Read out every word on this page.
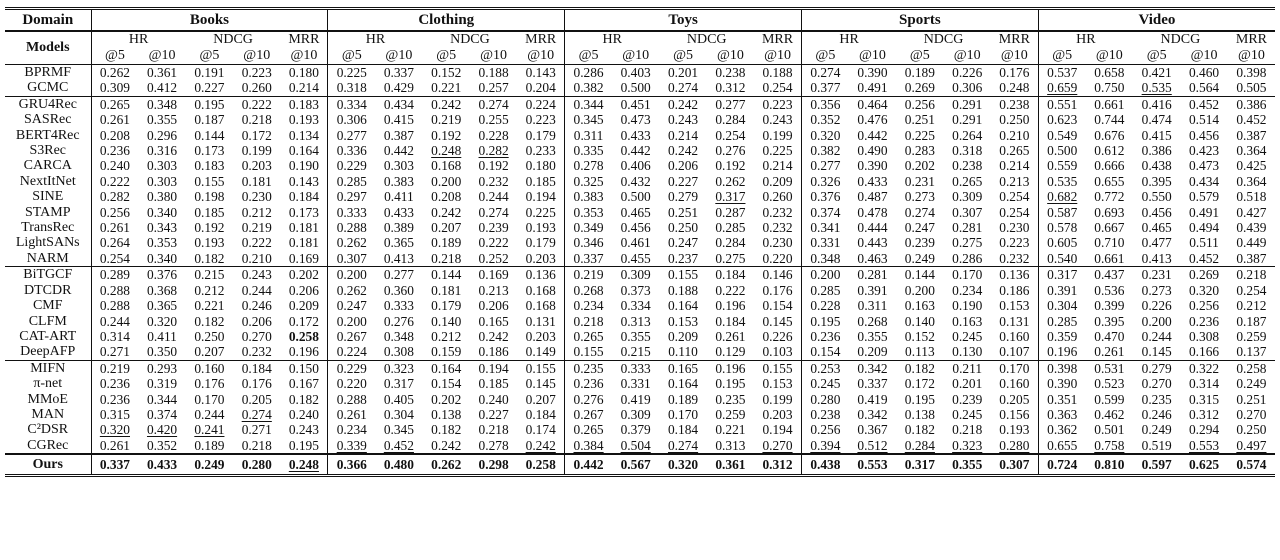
Domain	Books					Clothing					Toys					Sports					Video				
Models	HR		NDCG		MRR	HR		NDCG		MRR	HR		NDCG		MRR	HR		NDCG		MRR	HR		NDCG		MRR
	@5	@10	@5	@10	@10	@5	@10	@5	@10	@10	@5	@10	@5	@10	@10	@5	@10	@5	@10	@10	@5	@10	@5	@10	@10
BPRMF	0.262	0.361	0.191	0.223	0.180	0.225	0.337	0.152	0.188	0.143	0.286	0.403	0.201	0.238	0.188	0.274	0.390	0.189	0.226	0.176	0.537	0.658	0.421	0.460	0.398
GCMC	0.309	0.412	0.227	0.260	0.214	0.318	0.429	0.221	0.257	0.204	0.382	0.500	0.274	0.312	0.254	0.377	0.491	0.269	0.306	0.248	0.659	0.750	0.535	0.564	0.505
GRU4Rec	0.265	0.348	0.195	0.222	0.183	0.334	0.434	0.242	0.274	0.224	0.344	0.451	0.242	0.277	0.223	0.356	0.464	0.256	0.291	0.238	0.551	0.661	0.416	0.452	0.386
SASRec	0.261	0.355	0.187	0.218	0.193	0.306	0.415	0.219	0.255	0.223	0.345	0.473	0.243	0.284	0.243	0.352	0.476	0.251	0.291	0.250	0.623	0.744	0.474	0.514	0.452
BERT4Rec	0.208	0.296	0.144	0.172	0.134	0.277	0.387	0.192	0.228	0.179	0.311	0.433	0.214	0.254	0.199	0.320	0.442	0.225	0.264	0.210	0.549	0.676	0.415	0.456	0.387
S3Rec	0.236	0.316	0.173	0.199	0.164	0.336	0.442	0.248	0.282	0.233	0.335	0.442	0.242	0.276	0.225	0.382	0.490	0.283	0.318	0.265	0.500	0.612	0.386	0.423	0.364
CARCA	0.240	0.303	0.183	0.203	0.190	0.229	0.303	0.168	0.192	0.180	0.278	0.406	0.206	0.192	0.214	0.277	0.390	0.202	0.238	0.214	0.559	0.666	0.438	0.473	0.425
NextItNet	0.222	0.303	0.155	0.181	0.143	0.285	0.383	0.200	0.232	0.185	0.325	0.432	0.227	0.262	0.209	0.326	0.433	0.231	0.265	0.213	0.535	0.655	0.395	0.434	0.364
SINE	0.282	0.380	0.198	0.230	0.184	0.297	0.411	0.208	0.244	0.194	0.383	0.500	0.279	0.317	0.260	0.376	0.487	0.273	0.309	0.254	0.682	0.772	0.550	0.579	0.518
STAMP	0.256	0.340	0.185	0.212	0.173	0.333	0.433	0.242	0.274	0.225	0.353	0.465	0.251	0.287	0.232	0.374	0.478	0.274	0.307	0.254	0.587	0.693	0.456	0.491	0.427
TransRec	0.261	0.343	0.192	0.219	0.181	0.288	0.389	0.207	0.239	0.193	0.349	0.456	0.250	0.285	0.232	0.341	0.444	0.247	0.281	0.230	0.578	0.667	0.465	0.494	0.439
LightSANs	0.264	0.353	0.193	0.222	0.181	0.262	0.365	0.189	0.222	0.179	0.346	0.461	0.247	0.284	0.230	0.331	0.443	0.239	0.275	0.223	0.605	0.710	0.477	0.511	0.449
NARM	0.254	0.340	0.182	0.210	0.169	0.307	0.413	0.218	0.252	0.203	0.337	0.455	0.237	0.275	0.220	0.348	0.463	0.249	0.286	0.232	0.540	0.661	0.413	0.452	0.387
BiTGCF	0.289	0.376	0.215	0.243	0.202	0.200	0.277	0.144	0.169	0.136	0.219	0.309	0.155	0.184	0.146	0.200	0.281	0.144	0.170	0.136	0.317	0.437	0.231	0.269	0.218
DTCDR	0.288	0.368	0.212	0.244	0.206	0.262	0.360	0.181	0.213	0.168	0.268	0.373	0.188	0.222	0.176	0.285	0.391	0.200	0.234	0.186	0.391	0.536	0.273	0.320	0.254
CMF	0.288	0.365	0.221	0.246	0.209	0.247	0.333	0.179	0.206	0.168	0.234	0.334	0.164	0.196	0.154	0.228	0.311	0.163	0.190	0.153	0.304	0.399	0.226	0.256	0.212
CLFM	0.244	0.320	0.182	0.206	0.172	0.200	0.276	0.140	0.165	0.131	0.218	0.313	0.153	0.184	0.145	0.195	0.268	0.140	0.163	0.131	0.285	0.395	0.200	0.236	0.187
CAT-ART	0.314	0.411	0.250	0.270	0.258	0.267	0.348	0.212	0.242	0.203	0.265	0.355	0.209	0.261	0.226	0.236	0.355	0.152	0.245	0.160	0.359	0.470	0.244	0.308	0.259
DeepAFP	0.271	0.350	0.207	0.232	0.196	0.224	0.308	0.159	0.186	0.149	0.155	0.215	0.110	0.129	0.103	0.154	0.209	0.113	0.130	0.107	0.196	0.261	0.145	0.166	0.137
MIFN	0.219	0.293	0.160	0.184	0.150	0.229	0.323	0.164	0.194	0.155	0.235	0.333	0.165	0.196	0.155	0.253	0.342	0.182	0.211	0.170	0.398	0.531	0.279	0.322	0.258
π-net	0.236	0.319	0.176	0.176	0.167	0.220	0.317	0.154	0.185	0.145	0.236	0.331	0.164	0.195	0.153	0.245	0.337	0.172	0.201	0.160	0.390	0.523	0.270	0.314	0.249
MMoE	0.236	0.344	0.170	0.205	0.182	0.288	0.405	0.202	0.240	0.207	0.276	0.419	0.189	0.235	0.199	0.280	0.419	0.195	0.239	0.205	0.351	0.599	0.235	0.315	0.251
MAN	0.315	0.374	0.244	0.274	0.240	0.261	0.304	0.138	0.227	0.184	0.267	0.309	0.170	0.259	0.203	0.238	0.342	0.138	0.245	0.156	0.363	0.462	0.246	0.312	0.270
C²DSR	0.320	0.420	0.241	0.271	0.243	0.234	0.345	0.182	0.218	0.174	0.265	0.379	0.184	0.221	0.194	0.256	0.367	0.182	0.218	0.193	0.362	0.501	0.249	0.294	0.250
CGRec	0.261	0.352	0.189	0.218	0.195	0.339	0.452	0.242	0.278	0.242	0.384	0.504	0.274	0.313	0.270	0.394	0.512	0.284	0.323	0.280	0.655	0.758	0.519	0.553	0.497
Ours	0.337	0.433	0.249	0.280	0.248	0.366	0.480	0.262	0.298	0.258	0.442	0.567	0.320	0.361	0.312	0.438	0.553	0.317	0.355	0.307	0.724	0.810	0.597	0.625	0.574
